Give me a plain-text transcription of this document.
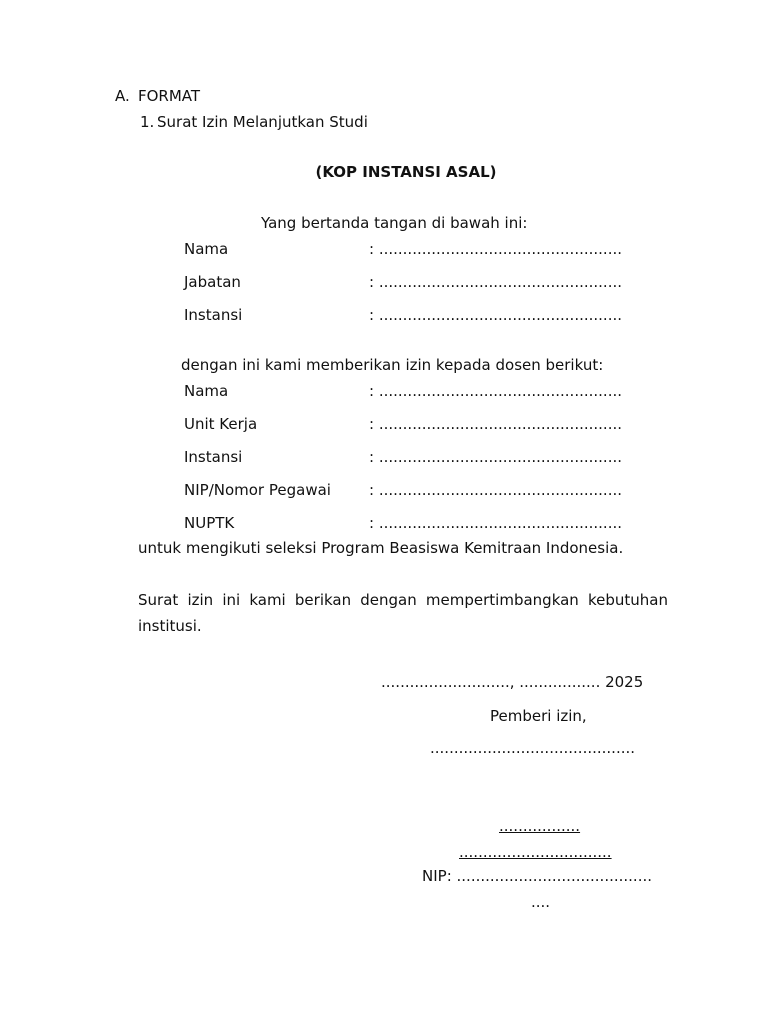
A. FORMAT
1. Surat Izin Melanjutkan Studi
(KOP INSTANSI ASAL)
Yang bertanda tangan di bawah ini:
Nama	: ...................................................
Jabatan	: ...................................................
Instansi	: ...................................................
dengan ini kami memberikan izin kepada dosen berikut:
Nama	: ...................................................
Unit Kerja	: ...................................................
Instansi	: ...................................................
NIP/Nomor Pegawai	: ...................................................
NUPTK	: ...................................................
untuk mengikuti seleksi Program Beasiswa Kemitraan Indonesia.
Surat izin ini kami berikan dengan mempertimbangkan kebutuhan
institusi.
..........................., ................. 2025
Pemberi izin,
...........................................
.................
................................
NIP: .........................................
....
